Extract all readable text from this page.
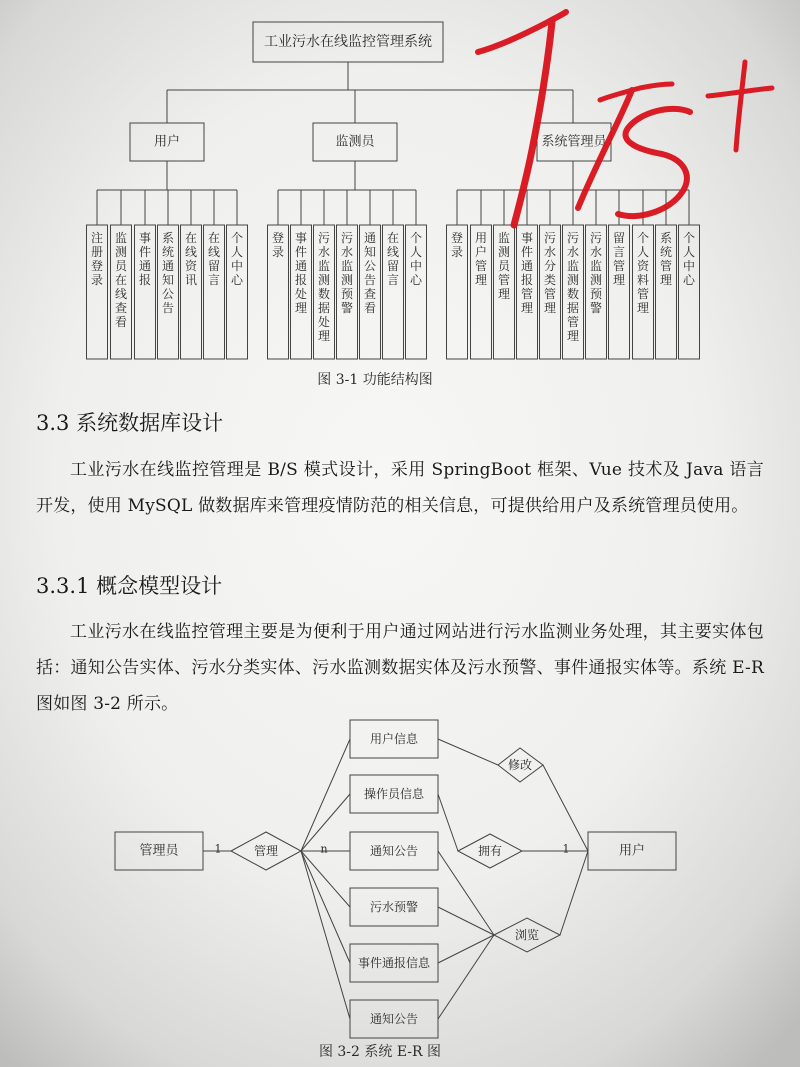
工业污水在线监控管理系统
用户
注
册
登
录
监
测
员
在
线
查
看
事
件
通
报
系
统
通
知
公
告
在
线
资
讯
在
线
留
言
个
人
中
心
监测员
登
录
事
件
通
报
处
理
污
水
监
测
数
据
处
理
污
水
监
测
预
警
通
知
公
告
查
看
在
线
留
言
个
人
中
心
系统管理员
登
录
用
户
管
理
监
测
员
管
理
事
件
通
报
管
理
污
水
分
类
管
理
污
水
监
测
数
据
管
理
污
水
监
测
预
警
留
言
管
理
个
人
资
料
管
理
系
统
管
理
个
人
中
心
图 3-1 功能结构图
管理员	管理
1
用户信息
操作员信息
通知公告
污水预警
事件通报信息
通知公告
n
修改
拥有
浏览
用户
1
图 3-2 系统 E-R 图
3.3 系统数据库设计

工业污水在线监控管理是 B/S 模式设计，采用 SpringBoot 框架、Vue 技术及 Java 语言开发，使用 MySQL 做数据库来管理疫情防范的相关信息，可提供给用户及系统管理员使用。

3.3.1 概念模型设计

工业污水在线监控管理主要是为便利于用户通过网站进行污水监测业务处理，其主要实体包括：通知公告实体、污水分类实体、污水监测数据实体及污水预警、事件通报实体等。系统 E-R 图如图 3-2 所示。
